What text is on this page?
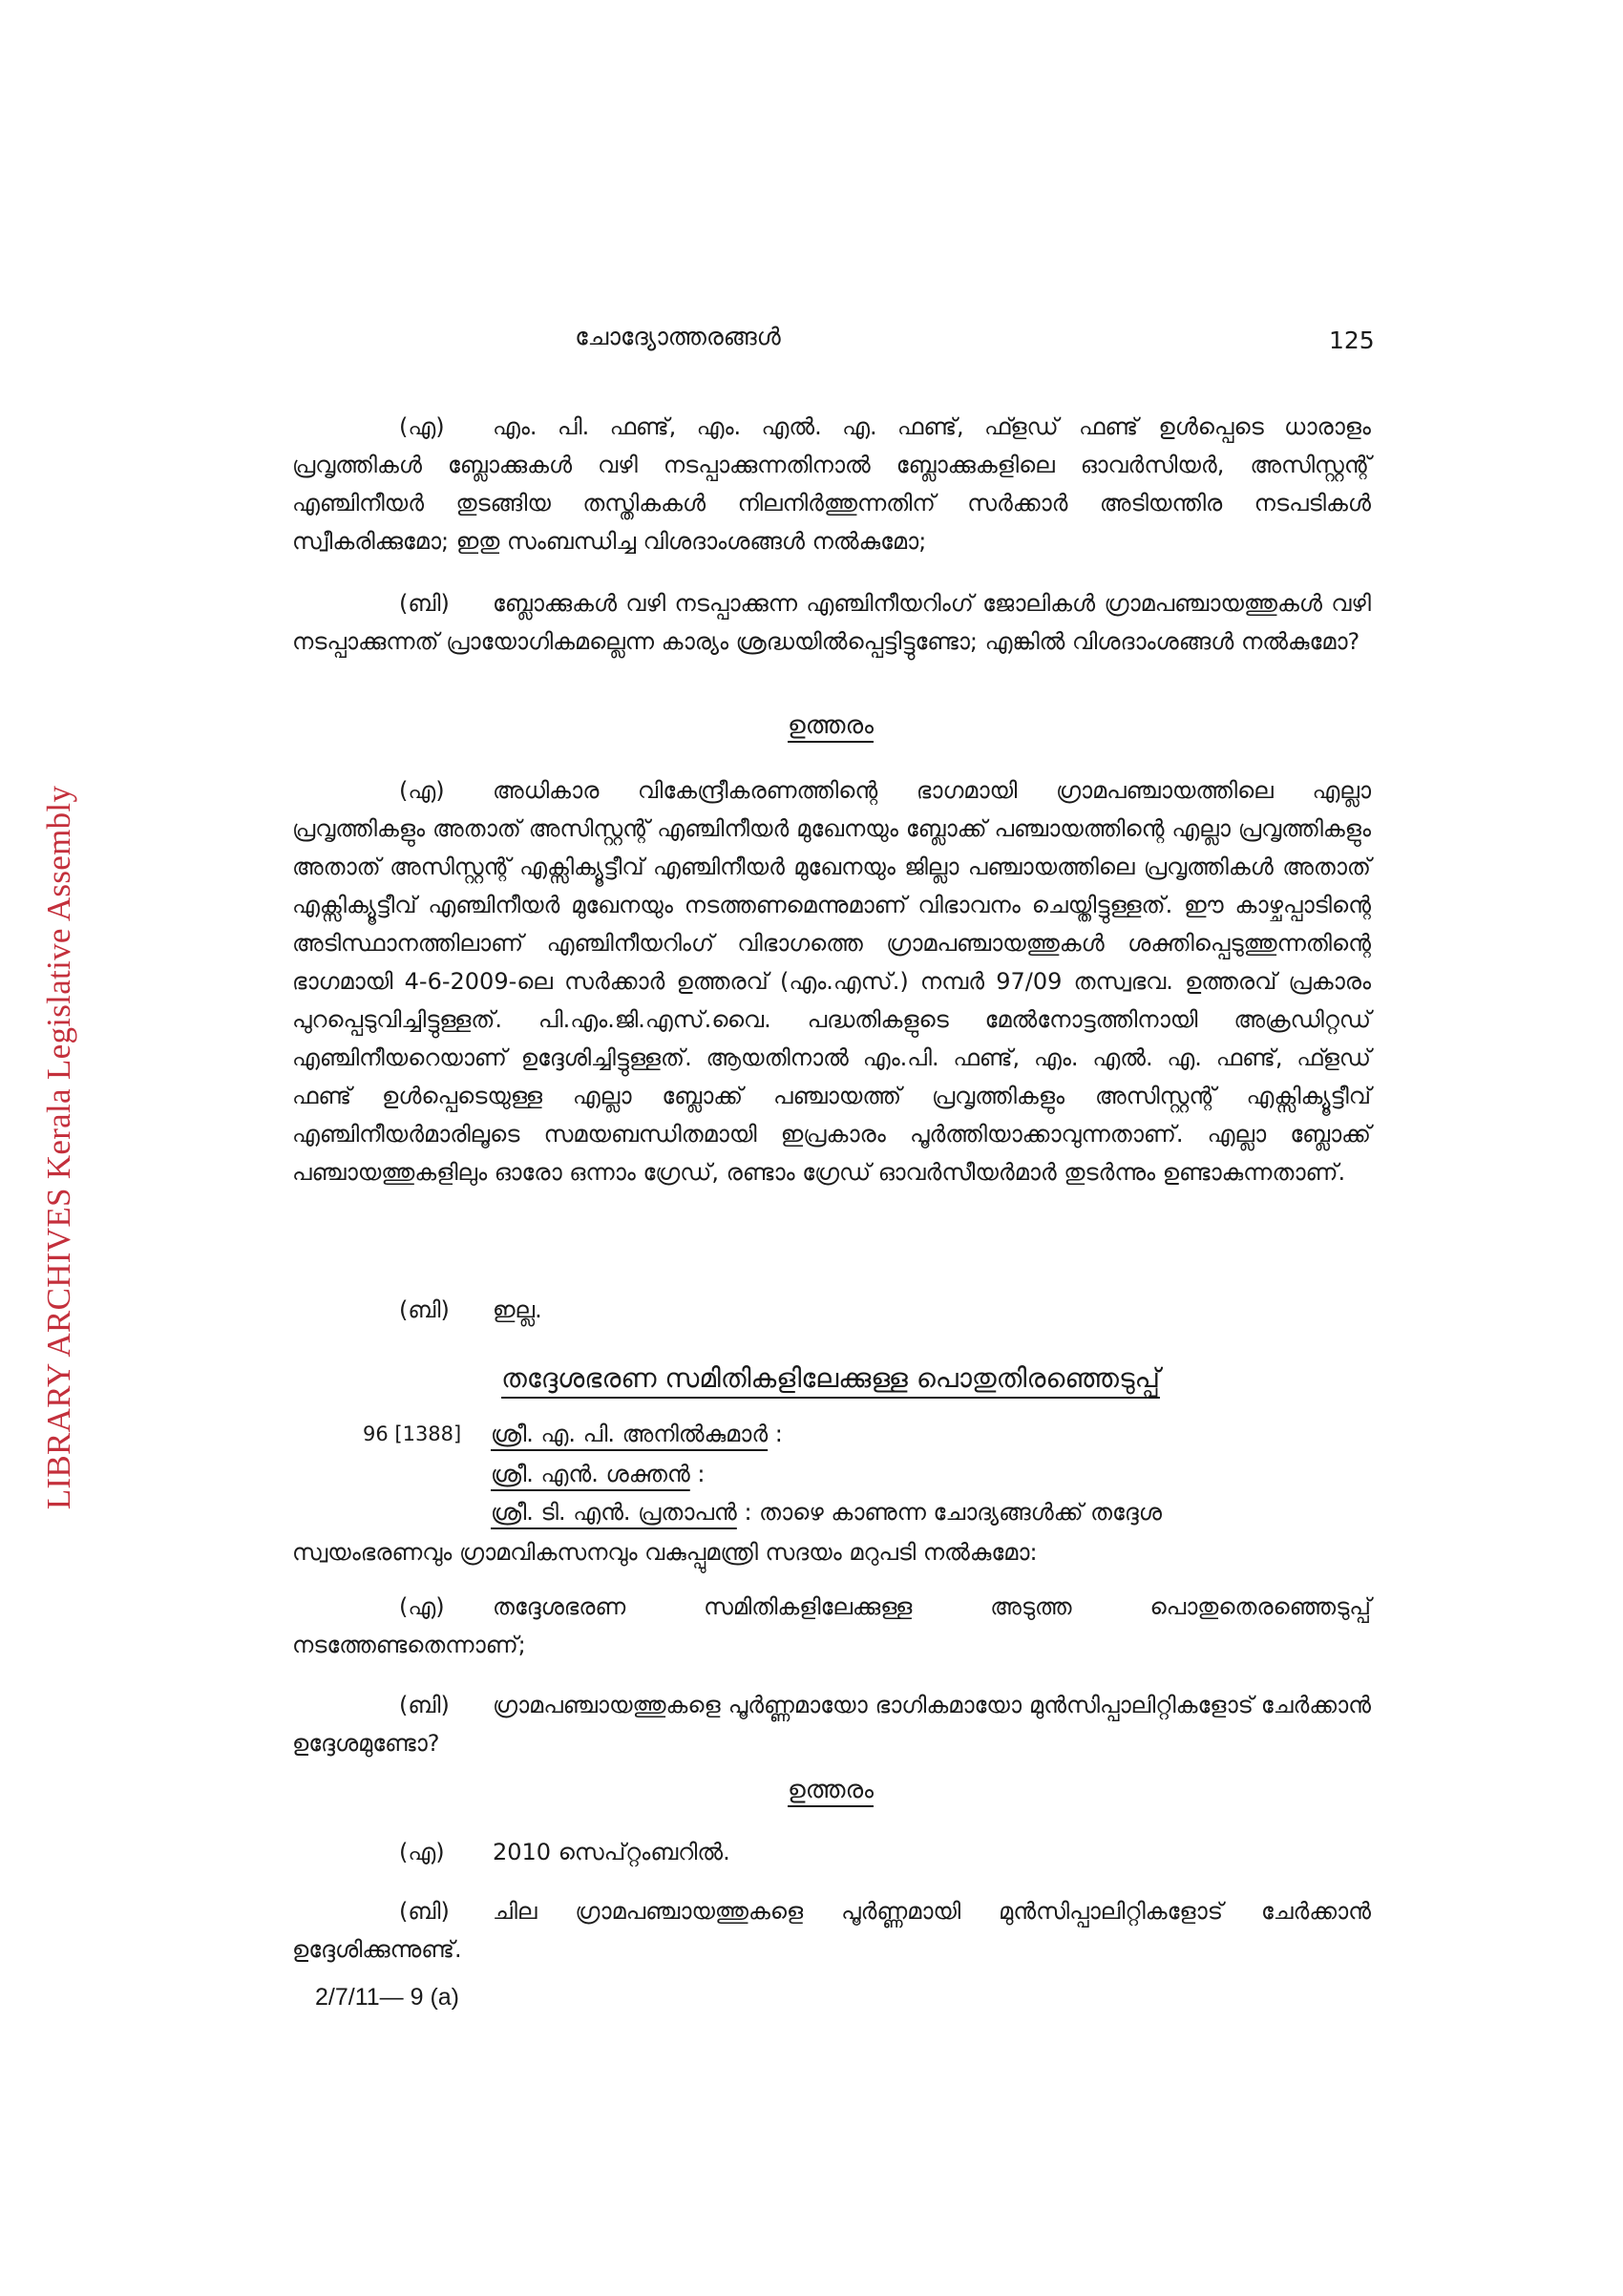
LIBRARY ARCHIVES Kerala Legislative Assembly
ചോദ്യോത്തരങ്ങൾ	125

(എ) എം. പി. ഫണ്ട്, എം. എൽ. എ. ഫണ്ട്, ഫ്ളഡ് ഫണ്ട് ഉൾപ്പെടെ ധാരാളം പ്രവൃത്തികൾ ബ്ലോക്കുകൾ വഴി നടപ്പാക്കുന്നതിനാൽ ബ്ലോക്കുകളിലെ ഓവർസിയർ, അസിസ്റ്റന്റ് എഞ്ചിനീയർ തുടങ്ങിയ തസ്തികകൾ നിലനിർത്തുന്നതിന് സർക്കാർ അടിയന്തിര നടപടികൾ സ്വീകരിക്കുമോ; ഇതു സംബന്ധിച്ച വിശദാംശങ്ങൾ നൽകുമോ;

(ബി) ബ്ലോക്കുകൾ വഴി നടപ്പാക്കുന്ന എഞ്ചിനീയറിംഗ് ജോലികൾ ഗ്രാമപഞ്ചായത്തുകൾ വഴി നടപ്പാക്കുന്നത് പ്രായോഗികമല്ലെന്ന കാര്യം ശ്രദ്ധയിൽപ്പെട്ടിട്ടുണ്ടോ; എങ്കിൽ വിശദാംശങ്ങൾ നൽകുമോ?

ഉത്തരം

(എ) അധികാര വികേന്ദ്രീകരണത്തിന്റെ ഭാഗമായി ഗ്രാമപഞ്ചായത്തിലെ എല്ലാ പ്രവൃത്തികളും അതാത് അസിസ്റ്റന്റ് എഞ്ചിനീയർ മുഖേനയും ബ്ലോക്ക് പഞ്ചായത്തിന്റെ എല്ലാ പ്രവൃത്തികളും അതാത് അസിസ്റ്റന്റ് എക്സിക്യൂട്ടീവ് എഞ്ചിനീയർ മുഖേനയും ജില്ലാ പഞ്ചായത്തിലെ പ്രവൃത്തികൾ അതാത് എക്സിക്യൂട്ടീവ് എഞ്ചിനീയർ മുഖേനയും നടത്തണമെന്നുമാണ് വിഭാവനം ചെയ്തിട്ടുള്ളത്. ഈ കാഴ്ചപ്പാടിന്റെ അടിസ്ഥാനത്തിലാണ് എഞ്ചിനീയറിംഗ് വിഭാഗത്തെ ഗ്രാമപഞ്ചായത്തുകൾ ശക്തിപ്പെടുത്തുന്നതിന്റെ ഭാഗമായി 4-6-2009-ലെ സർക്കാർ ഉത്തരവ് (എം.എസ്.) നമ്പർ 97/09 തസ്വഭവ. ഉത്തരവ് പ്രകാരം പുറപ്പെടുവിച്ചിട്ടുള്ളത്. പി.എം.ജി.എസ്.വൈ. പദ്ധതികളുടെ മേൽനോട്ടത്തിനായി അക്രഡിറ്റഡ് എഞ്ചിനീയറെയാണ് ഉദ്ദേശിച്ചിട്ടുള്ളത്. ആയതിനാൽ എം.പി. ഫണ്ട്, എം. എൽ. എ. ഫണ്ട്, ഫ്ളഡ് ഫണ്ട് ഉൾപ്പെടെയുള്ള എല്ലാ ബ്ലോക്ക് പഞ്ചായത്ത് പ്രവൃത്തികളും അസിസ്റ്റന്റ് എക്സിക്യൂട്ടീവ് എഞ്ചിനീയർമാരിലൂടെ സമയബന്ധിതമായി ഇപ്രകാരം പൂർത്തിയാക്കാവുന്നതാണ്. എല്ലാ ബ്ലോക്ക് പഞ്ചായത്തുകളിലും ഓരോ ഒന്നാം ഗ്രേഡ്, രണ്ടാം ഗ്രേഡ് ഓവർസീയർമാർ തുടർന്നും ഉണ്ടാകുന്നതാണ്.

(ബി) ഇല്ല.

തദ്ദേശഭരണ സമിതികളിലേക്കുള്ള പൊതുതിരഞ്ഞെടുപ്പ്
96 [1388] ശ്രീ. എ. പി. അനിൽകുമാർ :
ശ്രീ. എൻ. ശക്തൻ :
ശ്രീ. ടി. എൻ. പ്രതാപൻ : താഴെ കാണുന്ന ചോദ്യങ്ങൾക്ക് തദ്ദേശ
സ്വയംഭരണവും ഗ്രാമവികസനവും വകുപ്പുമന്ത്രി സദയം മറുപടി നൽകുമോ:

(എ) തദ്ദേശഭരണ സമിതികളിലേക്കുള്ള അടുത്ത പൊതുതെരഞ്ഞെടുപ്പ് നടത്തേണ്ടതെന്നാണ്;

(ബി) ഗ്രാമപഞ്ചായത്തുകളെ പൂർണ്ണമായോ ഭാഗികമായോ മുൻസിപ്പാലിറ്റികളോട് ചേർക്കാൻ ഉദ്ദേശമുണ്ടോ?

ഉത്തരം

(എ) 2010 സെപ്റ്റംബറിൽ.

(ബി) ചില ഗ്രാമപഞ്ചായത്തുകളെ പൂർണ്ണമായി മുൻസിപ്പാലിറ്റികളോട് ചേർക്കാൻ ഉദ്ദേശിക്കുന്നുണ്ട്.

2/7/11— 9 (a)
